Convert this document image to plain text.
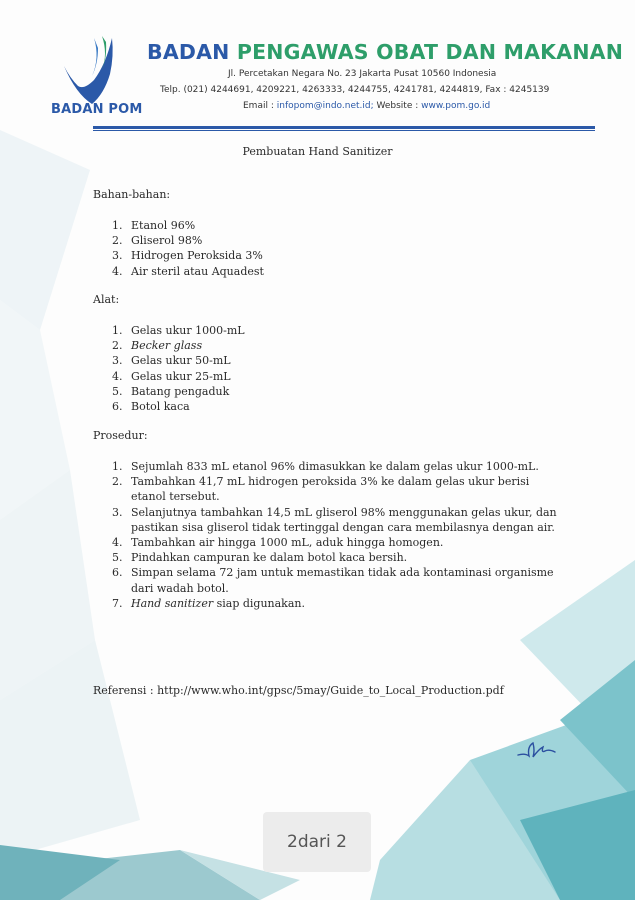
BADAN POM
BADAN PENGAWAS OBAT DAN MAKANAN
Jl. Percetakan Negara No. 23 Jakarta Pusat 10560 Indonesia
Telp. (021) 4244691, 4209221, 4263333, 4244755, 4241781, 4244819, Fax : 4245139
Email : infopom@indo.net.id; Website : www.pom.go.id
Pembuatan Hand Sanitizer
Bahan-bahan:
1. Etanol 96%
2. Gliserol 98%
3. Hidrogen Peroksida 3%
4. Air steril atau Aquadest
Alat:
1. Gelas ukur 1000-mL
2. Becker glass
3. Gelas ukur 50-mL
4. Gelas ukur 25-mL
5. Batang pengaduk
6. Botol kaca
Prosedur:
1. Sejumlah 833 mL etanol 96% dimasukkan ke dalam gelas ukur 1000-mL.
2. Tambahkan 41,7 mL hidrogen peroksida 3% ke dalam gelas ukur berisi etanol tersebut.
3. Selanjutnya tambahkan 14,5 mL gliserol 98% menggunakan gelas ukur, dan pastikan sisa gliserol tidak tertinggal dengan cara membilasnya dengan air.
4. Tambahkan air hingga 1000 mL, aduk hingga homogen.
5. Pindahkan campuran ke dalam botol kaca bersih.
6. Simpan selama 72 jam untuk memastikan tidak ada kontaminasi organisme dari wadah botol.
7. Hand sanitizer siap digunakan.
Referensi : http://www.who.int/gpsc/5may/Guide_to_Local_Production.pdf
2dari 2
